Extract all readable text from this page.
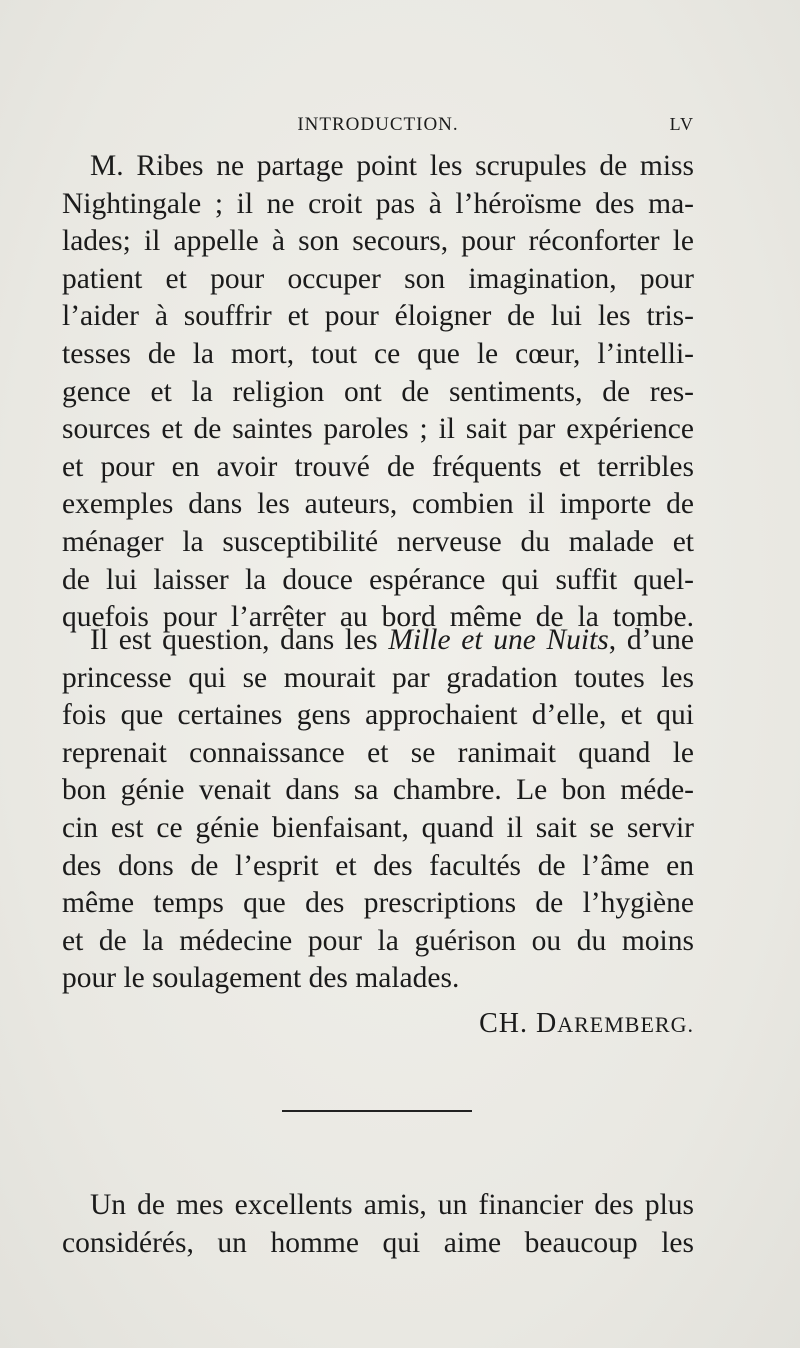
INTRODUCTION.	LV
M. Ribes ne partage point les scrupules de miss
Nightingale ; il ne croit pas à l’héroïsme des ma-
lades; il appelle à son secours, pour réconforter le
patient et pour occuper son imagination, pour
l’aider à souffrir et pour éloigner de lui les tris-
tesses de la mort, tout ce que le cœur, l’intelli-
gence et la religion ont de sentiments, de res-
sources et de saintes paroles ; il sait par expérience
et pour en avoir trouvé de fréquents et terribles
exemples dans les auteurs, combien il importe de
ménager la susceptibilité nerveuse du malade et
de lui laisser la douce espérance qui suffit quel-
quefois pour l’arrêter au bord même de la tombe.
Il est question, dans les Mille et une Nuits, d’une
princesse qui se mourait par gradation toutes les
fois que certaines gens approchaient d’elle, et qui
reprenait connaissance et se ranimait quand le
bon génie venait dans sa chambre. Le bon méde-
cin est ce génie bienfaisant, quand il sait se servir
des dons de l’esprit et des facultés de l’âme en
même temps que des prescriptions de l’hygiène
et de la médecine pour la guérison ou du moins
pour le soulagement des malades.
CH. DAREMBERG.
Un de mes excellents amis, un financier des plus
considérés, un homme qui aime beaucoup les
